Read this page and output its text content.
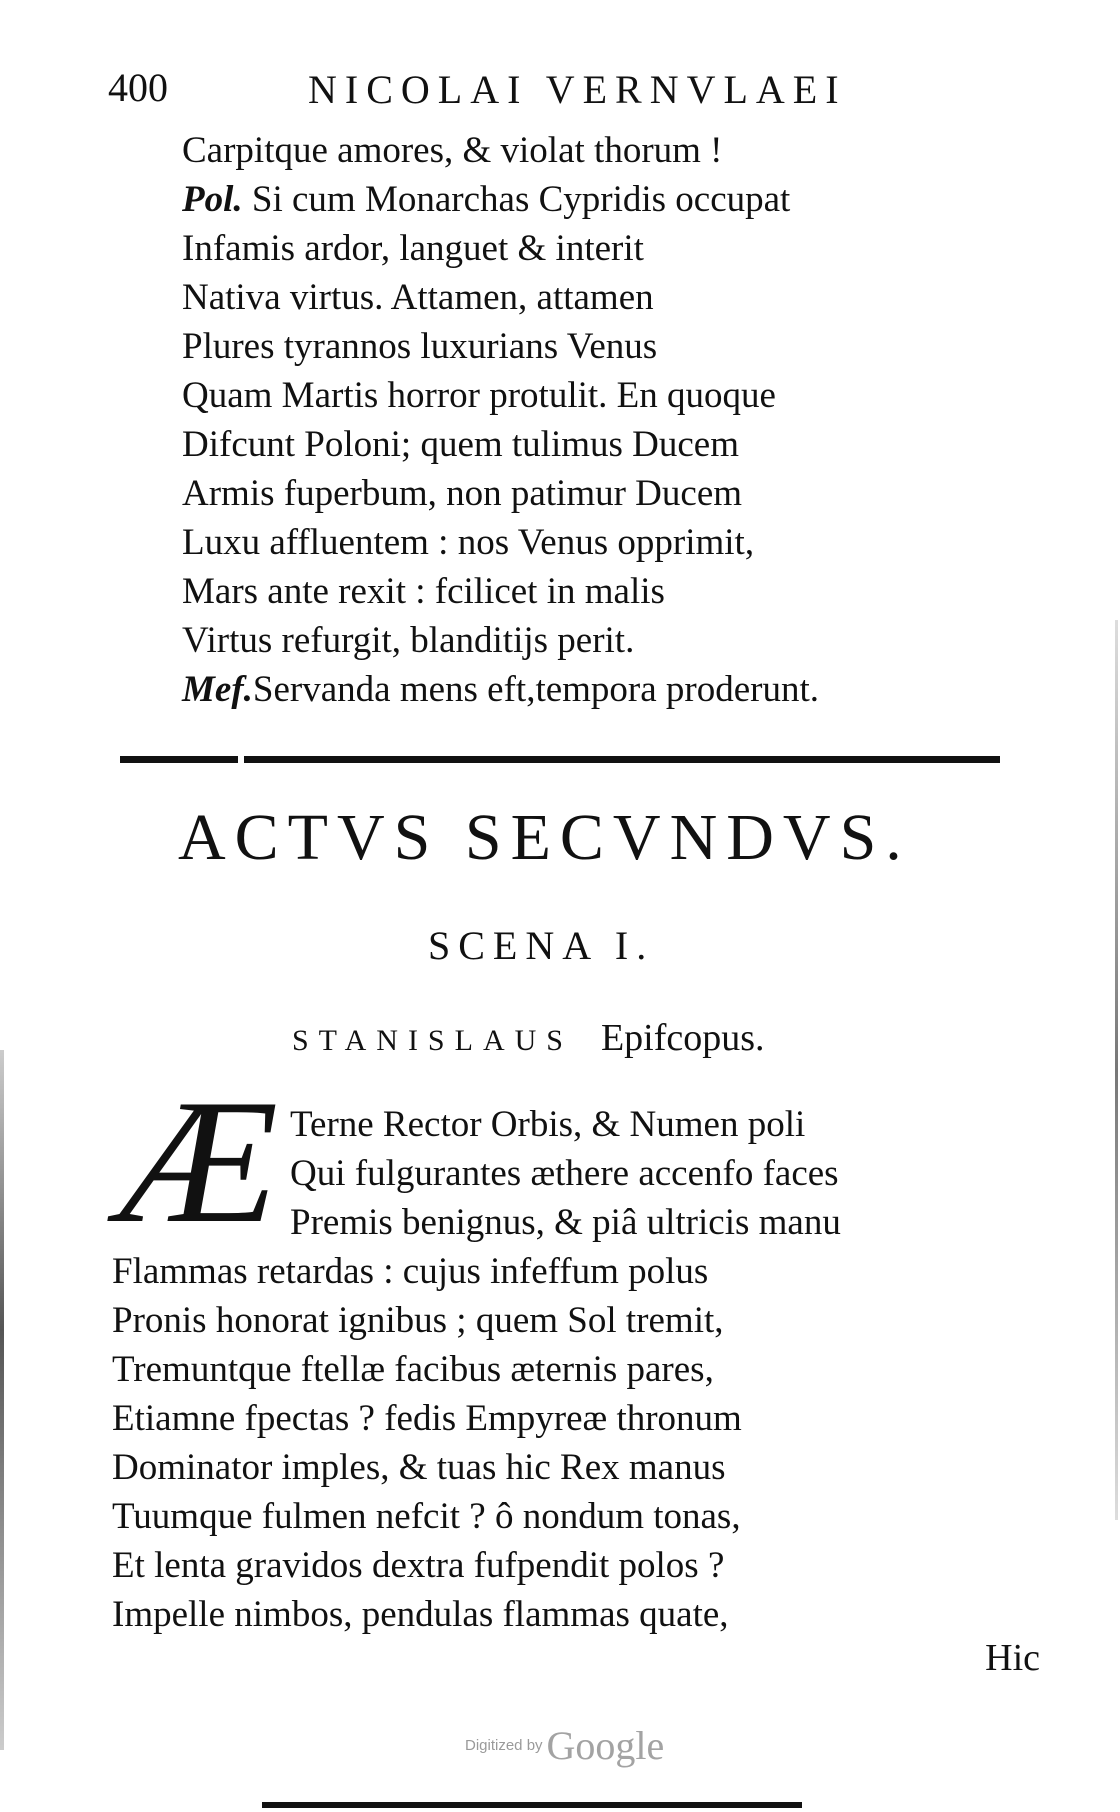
400	NICOLAI VERNVLAEI
Carpitque amores, & violat thorum !
Pol. Si cum Monarchas Cypridis occupat
Infamis ardor, languet & interit
Nativa virtus. Attamen, attamen
Plures tyrannos luxurians Venus
Quam Martis horror protulit. En quoque
Difcunt Poloni; quem tulimus Ducem
Armis fuperbum, non patimur Ducem
Luxu affluentem : nos Venus opprimit,
Mars ante rexit : fcilicet in malis
Virtus refurgit, blanditijs perit.
Mef.Servanda mens eft,tempora proderunt.
ACTVS SECVNDVS.
SCENA I.
STANISLAUS Epifcopus.
Æ Terne Rector Orbis, & Numen poli
Qui fulgurantes æthere accenfo faces
Premis benignus, & piâ ultricis manu
Flammas retardas : cujus infeffum polus
Pronis honorat ignibus ; quem Sol tremit,
Tremuntque ftellæ facibus æternis pares,
Etiamne fpectas ? fedis Empyreæ thronum
Dominator imples, & tuas hic Rex manus
Tuumque fulmen nefcit ? ô nondum tonas,
Et lenta gravidos dextra fufpendit polos ?
Impelle nimbos, pendulas flammas quate,
Hic
Digitized by Google
